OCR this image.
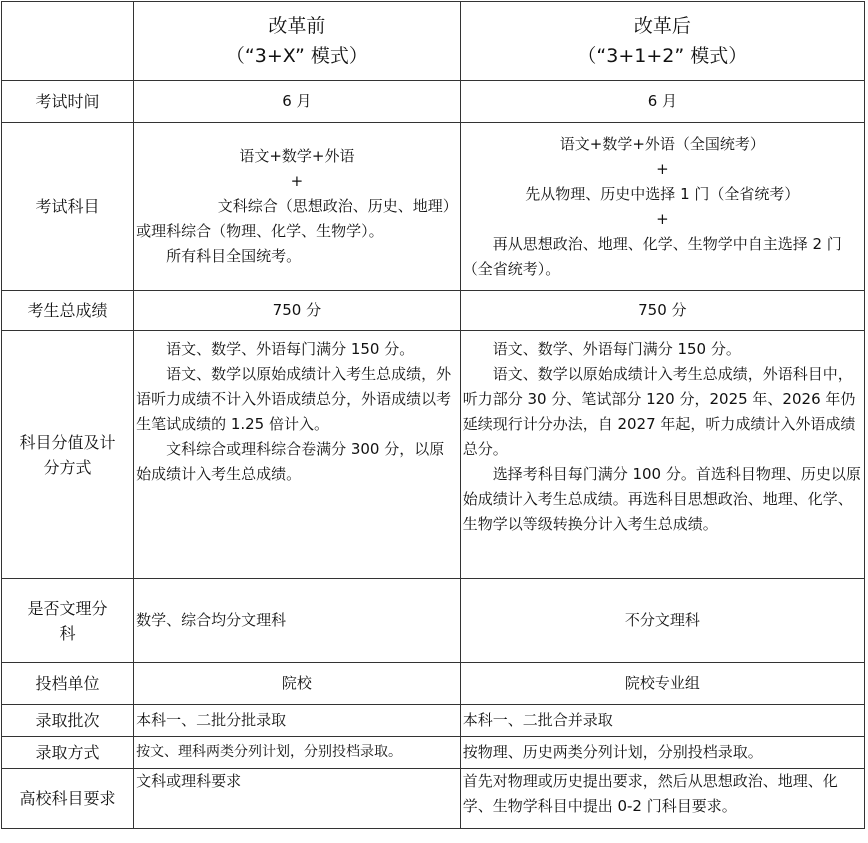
	改革前
（“3+X” 模式）	改革后
（“3+1+2” 模式）

考试时间	6 月	6 月
考试科目	语文+数学+外语
+
文科综合（思想政治、历史、地理）
或理科综合（物理、化学、生物学）。
所有科目全国统考。	语文+数学+外语（全国统考）
+
先从物理、历史中选择 1 门（全省统考）
+
再从思想政治、地理、化学、生物学中自主选择 2 门（全省统考）。

考生总成绩	750 分	750 分
科目分值及计分方式	语文、数学、外语每门满分 150 分。
语文、数学以原始成绩计入考生总成绩，外语听力成绩不计入外语成绩总分，外语成绩以考生笔试成绩的 1.25 倍计入。
文科综合或理科综合卷满分 300 分，以原始成绩计入考生总成绩。	语文、数学、外语每门满分 150 分。
语文、数学以原始成绩计入考生总成绩，外语科目中，听力部分 30 分、笔试部分 120 分，2025 年、2026 年仍延续现行计分办法，自 2027 年起，听力成绩计入外语成绩总分。
选择考科目每门满分 100 分。首选科目物理、历史以原始成绩计入考生总成绩。再选科目思想政治、地理、化学、生物学以等级转换分计入考生总成绩。

是否文理分科	数学、综合均分文理科	不分文理科
投档单位	院校	院校专业组
录取批次	本科一、二批分批录取	本科一、二批合并录取
录取方式	按文、理科两类分列计划，分别投档录取。	按物理、历史两类分列计划，分别投档录取。
高校科目要求	文科或理科要求	首先对物理或历史提出要求，然后从思想政治、地理、化学、生物学科目中提出 0-2 门科目要求。
